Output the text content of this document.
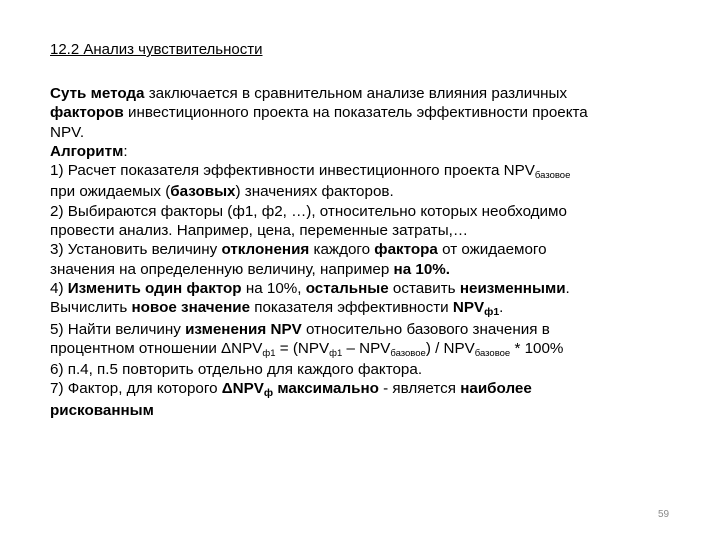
12.2 Анализ чувствительности
Суть метода заключается в сравнительном анализе влияния различных
факторов инвестиционного проекта на показатель эффективности проекта
NPV.
Алгоритм:
1) Расчет показателя эффективности инвестиционного проекта NPVбазовое
при ожидаемых (базовых) значениях факторов.
2) Выбираются факторы (ф1, ф2, …), относительно которых необходимо
провести анализ. Например, цена, переменные затраты,…
3) Установить величину отклонения каждого фактора от ожидаемого
значения на определенную величину, например на 10%.
4) Изменить один фактор на 10%, остальные оставить неизменными.
Вычислить новое значение показателя эффективности NPVф1.
5) Найти величину изменения NPV относительно базового значения в
процентном отношении ΔNPVф1 = (NPVф1 – NPVбазовое) / NPVбазовое * 100%
6) п.4, п.5 повторить отдельно для каждого фактора.
7) Фактор, для которого ΔNPVф максимально - является наиболее
рискованным
59
